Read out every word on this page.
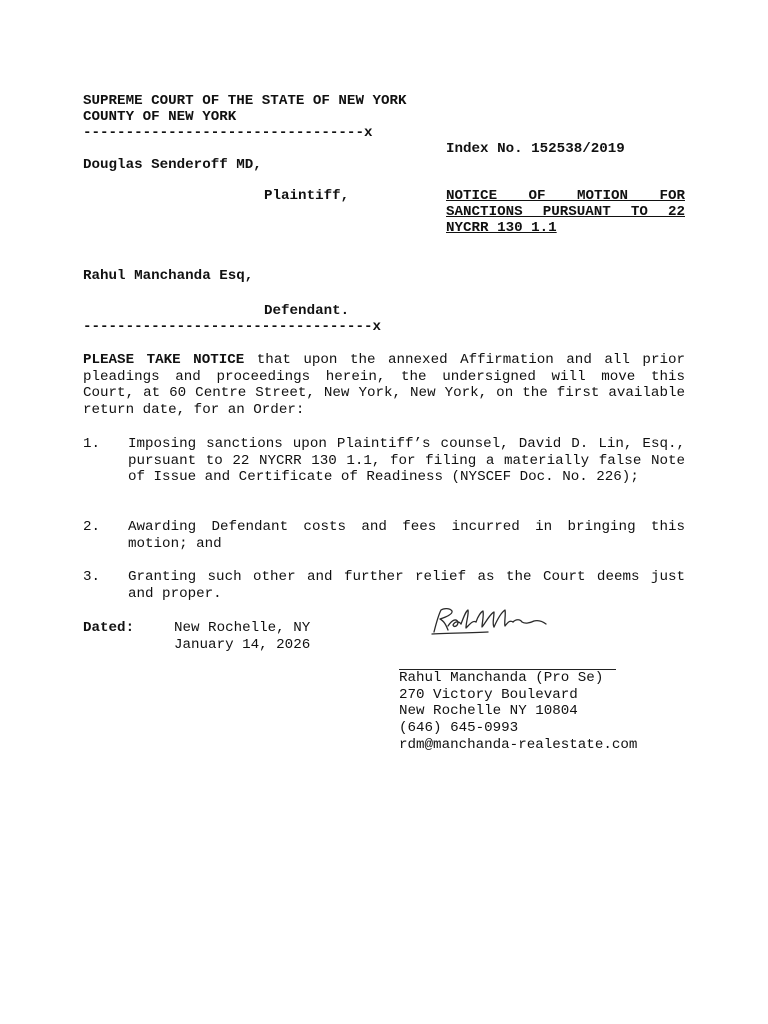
SUPREME COURT OF THE STATE OF NEW YORK
COUNTY OF NEW YORK
---------------------------------x
Index No. 152538/2019
Douglas Senderoff MD,
Plaintiff,	NOTICE OF MOTION FOR
SANCTIONS PURSUANT TO 22
NYCRR 130 1.1
Rahul Manchanda Esq,
Defendant.
----------------------------------x
PLEASE TAKE NOTICE that upon the annexed Affirmation and all prior pleadings and proceedings herein, the undersigned will move this Court, at 60 Centre Street, New York, New York, on the first available return date, for an Order:
1. Imposing sanctions upon Plaintiff’s counsel, David D. Lin, Esq., pursuant to 22 NYCRR 130 1.1, for filing a materially false Note of Issue and Certificate of Readiness (NYSCEF Doc. No. 226);
2. Awarding Defendant costs and fees incurred in bringing this motion; and
3. Granting such other and further relief as the Court deems just and proper.
Dated:	New Rochelle, NY
January 14, 2026
Rahul Manchanda (Pro Se)
270 Victory Boulevard
New Rochelle NY 10804
(646) 645-0993
rdm@manchanda-realestate.com
